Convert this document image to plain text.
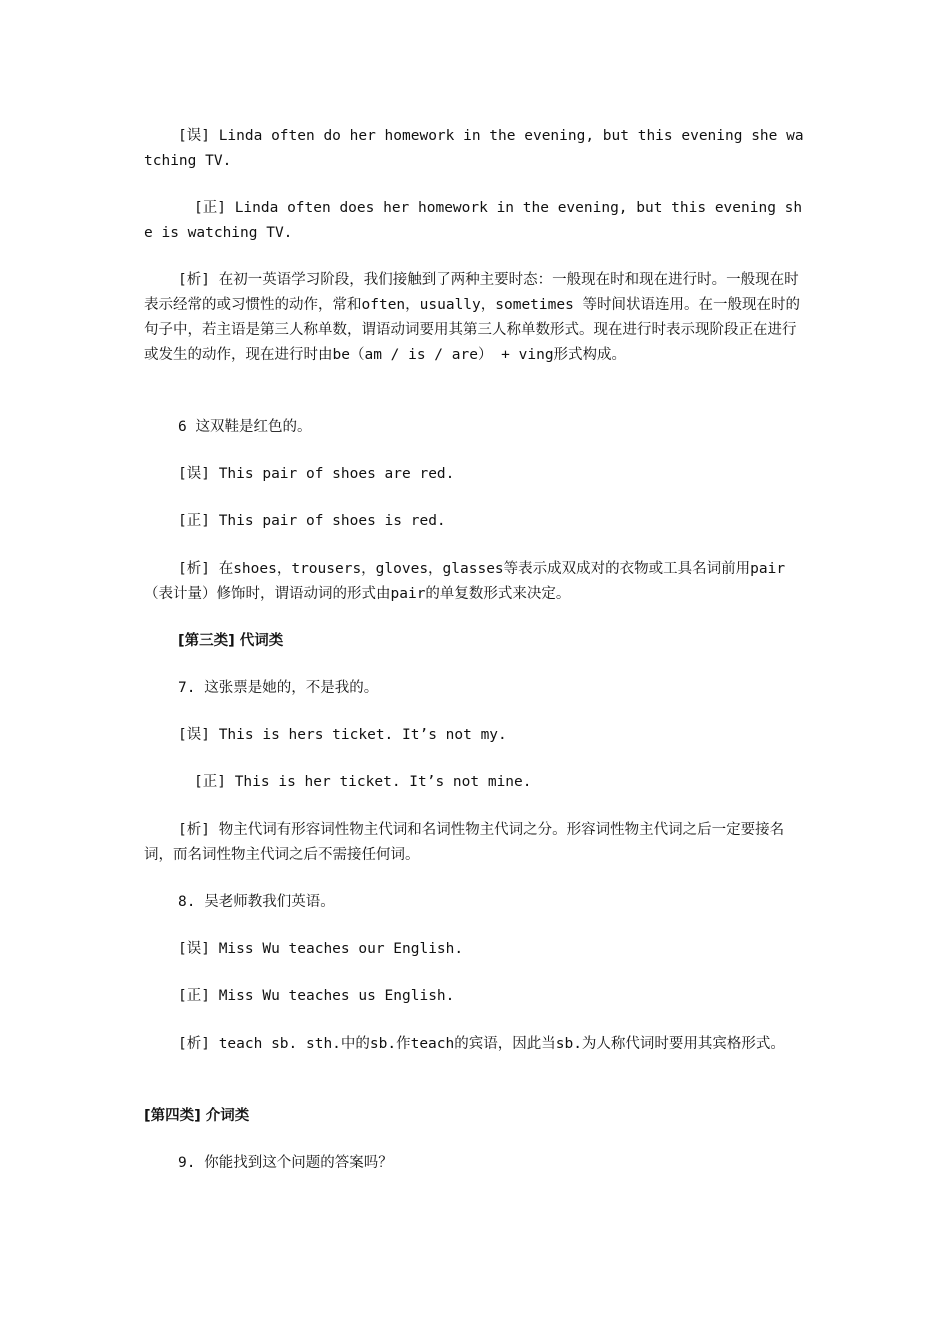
[误] Linda often do her homework in the evening, but this evening she watching TV.

[正] Linda often does her homework in the evening, but this evening she is watching TV.

[析] 在初一英语学习阶段，我们接触到了两种主要时态：一般现在时和现在进行时。一般现在时表示经常的或习惯性的动作，常和often，usually，sometimes 等时间状语连用。在一般现在时的句子中，若主语是第三人称单数，谓语动词要用其第三人称单数形式。现在进行时表示现阶段正在进行或发生的动作，现在进行时由be（am / is / are） + ving形式构成。

6 这双鞋是红色的。

[误] This pair of shoes are red.

[正] This pair of shoes is red.

[析] 在shoes，trousers，gloves，glasses等表示成双成对的衣物或工具名词前用pair（表计量）修饰时，谓语动词的形式由pair的单复数形式来决定。

[第三类] 代词类

7. 这张票是她的，不是我的。

[误] This is hers ticket. It’s not my.

[正] This is her ticket. It’s not mine.

[析] 物主代词有形容词性物主代词和名词性物主代词之分。形容词性物主代词之后一定要接名词，而名词性物主代词之后不需接任何词。

8. 吴老师教我们英语。

[误] Miss Wu teaches our English.

[正] Miss Wu teaches us English.

[析] teach sb. sth.中的sb.作teach的宾语，因此当sb.为人称代词时要用其宾格形式。

[第四类] 介词类

9. 你能找到这个问题的答案吗？
